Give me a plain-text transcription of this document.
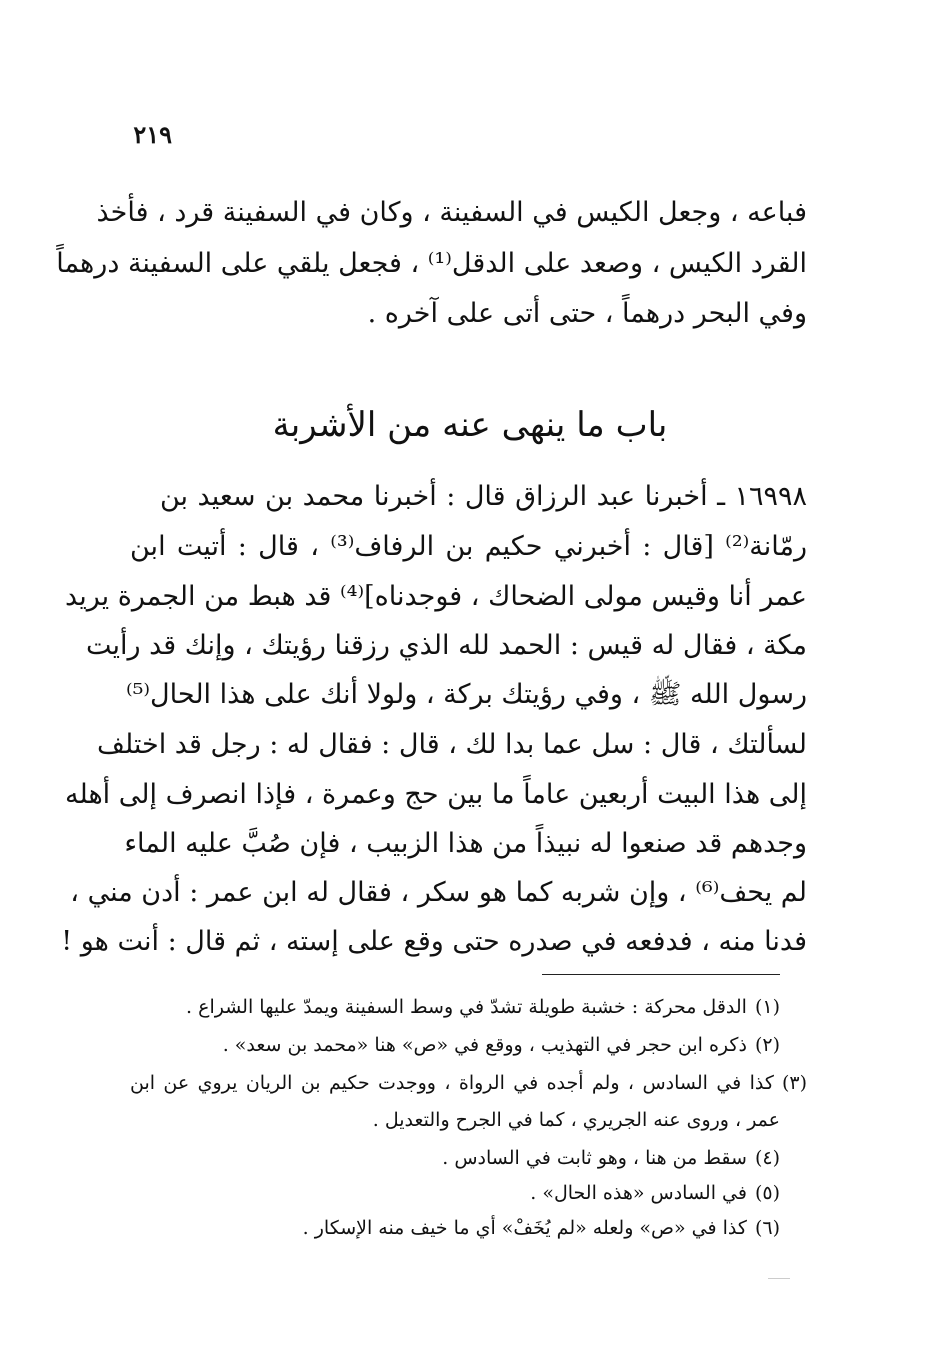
٢١٩
فباعه ، وجعل الكيس في السفينة ، وكان في السفينة قرد ، فأخذ
القرد الكيس ، وصعد على الدقل⁽¹⁾ ، فجعل يلقي على السفينة درهماً
وفي البحر درهماً ، حتى أتى على آخره .
باب ما ينهى عنه من الأشربة
١٦٩٩٨ ـ أخبرنا عبد الرزاق قال : أخبرنا محمد بن سعيد بن
رمّانة⁽²⁾ [قال : أخبرني حكيم بن الرفاف⁽³⁾ ، قال : أتيت ابن
عمر أنا وقيس مولى الضحاك ، فوجدناه]⁽⁴⁾ قد هبط من الجمرة يريد
مكة ، فقال له قيس : الحمد لله الذي رزقنا رؤيتك ، وإنك قد رأيت
رسول الله ﷺ ، وفي رؤيتك بركة ، ولولا أنك على هذا الحال⁽⁵⁾
لسألتك ، قال : سل عما بدا لك ، قال : فقال له : رجل قد اختلف
إلى هذا البيت أربعين عاماً ما بين حج وعمرة ، فإذا انصرف إلى أهله
وجدهم قد صنعوا له نبيذاً من هذا الزبيب ، فإن صُبَّ عليه الماء
لم يحف⁽⁶⁾ ، وإن شربه كما هو سكر ، فقال له ابن عمر : أدن مني ،
فدنا منه ، فدفعه في صدره حتى وقع على إسته ، ثم قال : أنت هو !
(١)الدقل محركة : خشبة طويلة تشدّ في وسط السفينة ويمدّ عليها الشراع .
(٢)ذكره ابن حجر في التهذيب ، ووقع في «ص» هنا «محمد بن سعد» .
(٣)كذا في السادس ، ولم أجده في الرواة ، ووجدت حكيم بن الريان يروي عن ابن
عمر ، وروى عنه الجريري ، كما في الجرح والتعديل .
(٤)سقط من هنا ، وهو ثابت في السادس .
(٥)في السادس «هذه الحال» .
(٦)كذا في «ص» ولعله «لم يُخَفْ» أي ما خيف منه الإسكار .
